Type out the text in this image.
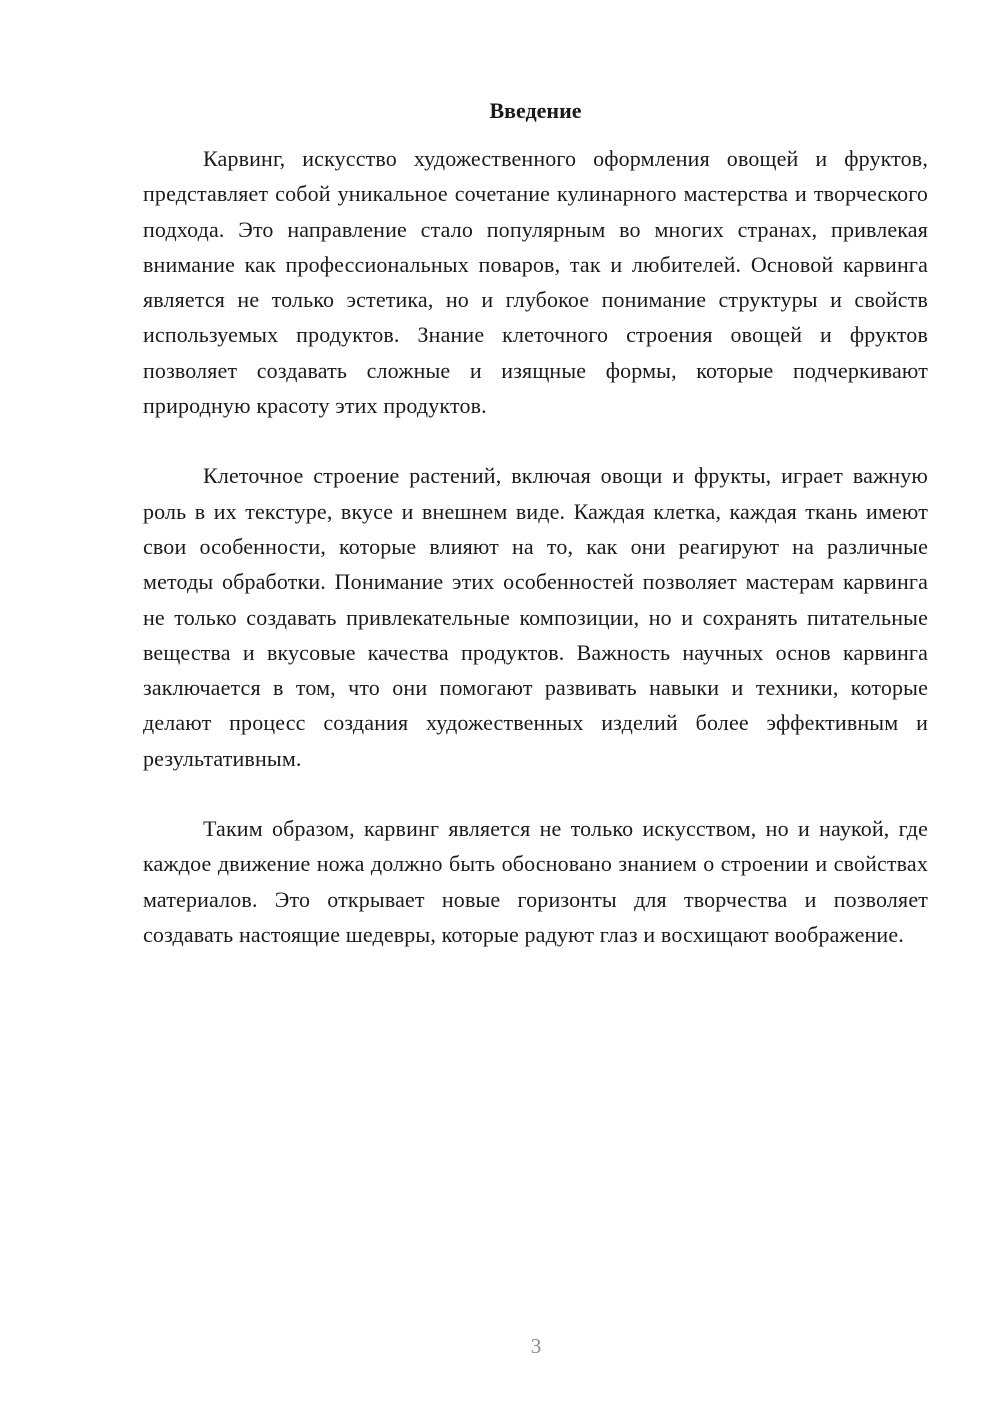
Введение

Карвинг, искусство художественного оформления овощей и фруктов, представляет собой уникальное сочетание кулинарного мастерства и творческого подхода. Это направление стало популярным во многих странах, привлекая внимание как профессиональных поваров, так и любителей. Основой карвинга является не только эстетика, но и глубокое понимание структуры и свойств используемых продуктов. Знание клеточного строения овощей и фруктов позволяет создавать сложные и изящные формы, которые подчеркивают природную красоту этих продуктов.

Клеточное строение растений, включая овощи и фрукты, играет важную роль в их текстуре, вкусе и внешнем виде. Каждая клетка, каждая ткань имеют свои особенности, которые влияют на то, как они реагируют на различные методы обработки. Понимание этих особенностей позволяет мастерам карвинга не только создавать привлекательные композиции, но и сохранять питательные вещества и вкусовые качества продуктов. Важность научных основ карвинга заключается в том, что они помогают развивать навыки и техники, которые делают процесс создания художественных изделий более эффективным и результативным.

Таким образом, карвинг является не только искусством, но и наукой, где каждое движение ножа должно быть обосновано знанием о строении и свойствах материалов. Это открывает новые горизонты для творчества и позволяет создавать настоящие шедевры, которые радуют глаз и восхищают воображение.

3
